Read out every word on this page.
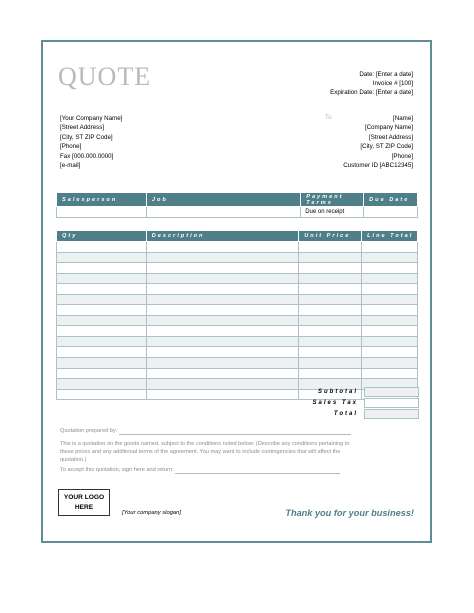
QUOTE	Date: [Enter a date]
Invoice # [100]
Expiration Date: [Enter a date]
[Your Company Name]
[Street Address]
[City, ST ZIP Code]
[Phone]
Fax [000.000.0000]
[e-mail]
To	[Name]
[Company Name]
[Street Address]
[City, ST ZIP Code]
[Phone]
Customer ID [ABC12345]
Salesperson	Job	Payment Terms	Due Date
		Due on receipt	
Qty	Description	Unit Price	Line Total

Subtotal
Sales Tax
Total
Quotation prepared by:
This is a quotation on the goods named, subject to the conditions noted below: (Describe any conditions pertaining to these prices and any additional terms of the agreement. You may want to include contingencies that will affect the quotation.)
To accept this quotation, sign here and return:
YOUR LOGO
HERE
[Your company slogan]	Thank you for your business!
